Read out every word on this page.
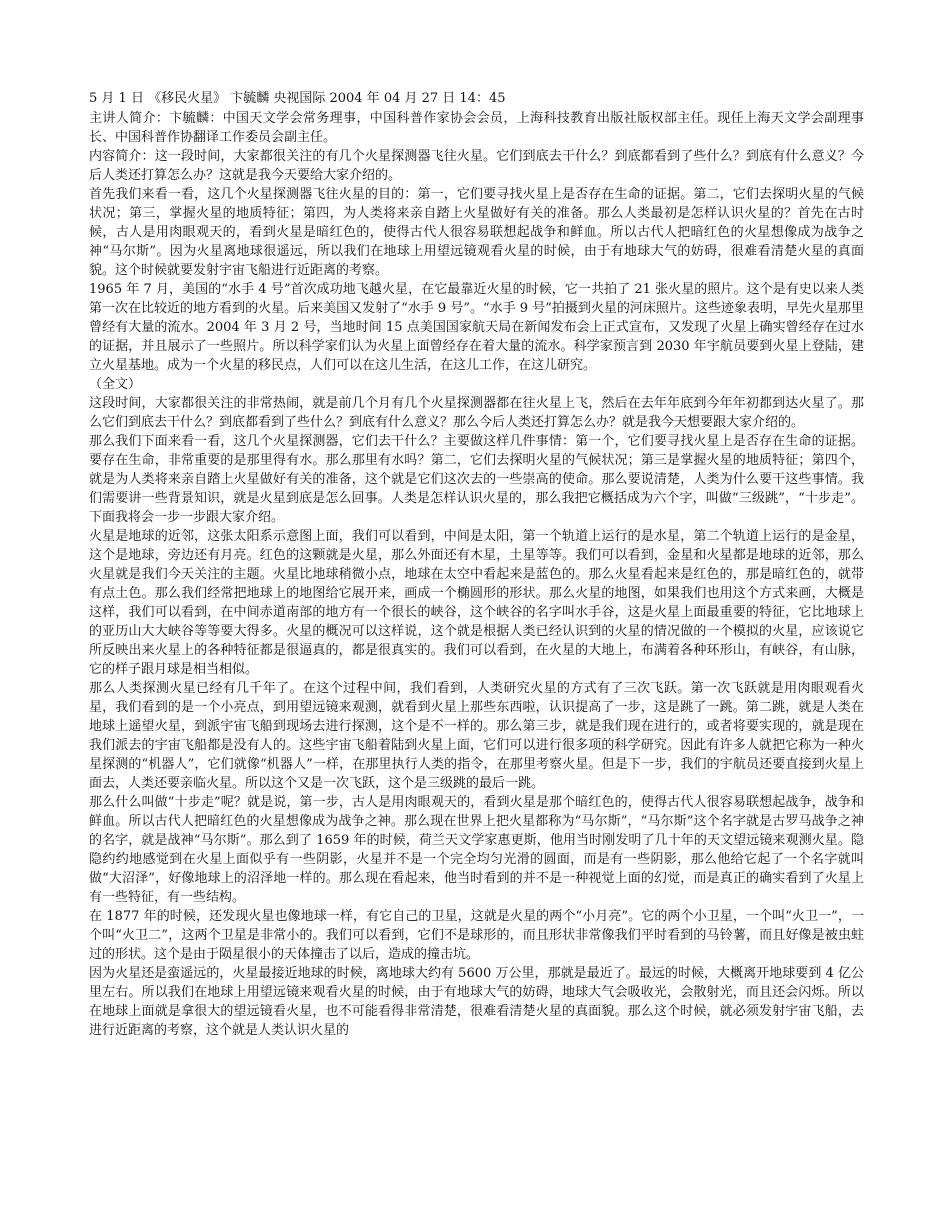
5 月 1 日 《移民火星》 卞毓麟 央视国际 2004 年 04 月 27 日 14：45

主讲人简介：卞毓麟：中国天文学会常务理事，中国科普作家协会会员，上海科技教育出版社版权部主任。现任上海天文学会副理事长、中国科普作协翻译工作委员会副主任。

内容简介：这一段时间，大家都很关注的有几个火星探测器飞往火星。它们到底去干什么？到底都看到了些什么？到底有什么意义？今后人类还打算怎么办？这就是我今天要给大家介绍的。

首先我们来看一看，这几个火星探测器飞往火星的目的：第一，它们要寻找火星上是否存在生命的证据。第二，它们去探明火星的气候状况；第三，掌握火星的地质特征；第四，为人类将来亲自踏上火星做好有关的准备。那么人类最初是怎样认识火星的？首先在古时候，古人是用肉眼观天的，看到火星是暗红色的，使得古代人很容易联想起战争和鲜血。所以古代人把暗红色的火星想像成为战争之神“马尔斯”。因为火星离地球很遥远，所以我们在地球上用望远镜观看火星的时候，由于有地球大气的妨碍，很难看清楚火星的真面貌。这个时候就要发射宇宙飞船进行近距离的考察。

1965 年 7 月，美国的“水手 4 号”首次成功地飞越火星，在它最靠近火星的时候，它一共拍了 21 张火星的照片。这个是有史以来人类第一次在比较近的地方看到的火星。后来美国又发射了“水手 9 号”。“水手 9 号”拍摄到火星的河床照片。这些迹象表明，早先火星那里曾经有大量的流水。2004 年 3 月 2 号，当地时间 15 点美国国家航天局在新闻发布会上正式宣布，又发现了火星上确实曾经存在过水的证据，并且展示了一些照片。所以科学家们认为火星上面曾经存在着大量的流水。科学家预言到 2030 年宇航员要到火星上登陆，建立火星基地。成为一个火星的移民点，人们可以在这儿生活，在这儿工作，在这儿研究。

（全文）

这段时间，大家都很关注的非常热闹，就是前几个月有几个火星探测器都在往火星上飞，然后在去年年底到今年年初都到达火星了。那么它们到底去干什么？到底都看到了些什么？到底有什么意义？那么今后人类还打算怎么办？就是我今天想要跟大家介绍的。

那么我们下面来看一看，这几个火星探测器，它们去干什么？主要做这样几件事情：第一个，它们要寻找火星上是否存在生命的证据。要存在生命，非常重要的是那里得有水。那么那里有水吗？第二，它们去探明火星的气候状况；第三是掌握火星的地质特征；第四个，就是为人类将来亲自踏上火星做好有关的准备，这个就是它们这次去的一些崇高的使命。那么要说清楚，人类为什么要干这些事情。我们需要讲一些背景知识，就是火星到底是怎么回事。人类是怎样认识火星的，那么我把它概括成为六个字，叫做“三级跳”，“十步走”。下面我将会一步一步跟大家介绍。

火星是地球的近邻，这张太阳系示意图上面，我们可以看到，中间是太阳，第一个轨道上运行的是水星，第二个轨道上运行的是金星，这个是地球，旁边还有月亮。红色的这颗就是火星，那么外面还有木星，土星等等。我们可以看到，金星和火星都是地球的近邻，那么火星就是我们今天关注的主题。火星比地球稍微小点，地球在太空中看起来是蓝色的。那么火星看起来是红色的，那是暗红色的，就带有点土色。那么我们经常把地球上的地图给它展开来，画成一个椭圆形的形状。那么火星的地图，如果我们也用这个方式来画，大概是这样，我们可以看到，在中间赤道南部的地方有一个很长的峡谷，这个峡谷的名字叫水手谷，这是火星上面最重要的特征，它比地球上的亚历山大大峡谷等等要大得多。火星的概况可以这样说，这个就是根据人类已经认识到的火星的情况做的一个模拟的火星，应该说它所反映出来火星上的各种特征都是很逼真的，都是很真实的。我们可以看到，在火星的大地上，布满着各种环形山，有峡谷，有山脉，它的样子跟月球是相当相似。

那么人类探测火星已经有几千年了。在这个过程中间，我们看到，人类研究火星的方式有了三次飞跃。第一次飞跃就是用肉眼观看火星，我们看到的是一个小亮点，到用望远镜来观测，就看到火星上那些东西啦，认识提高了一步，这是跳了一跳。第二跳，就是人类在地球上遥望火星，到派宇宙飞船到现场去进行探测，这个是不一样的。那么第三步，就是我们现在进行的，或者将要实现的，就是现在我们派去的宇宙飞船都是没有人的。这些宇宙飞船着陆到火星上面，它们可以进行很多项的科学研究。因此有许多人就把它称为一种火星探测的“机器人”，它们就像“机器人”一样，在那里执行人类的指令，在那里考察火星。但是下一步，我们的宇航员还要直接到火星上面去，人类还要亲临火星。所以这个又是一次飞跃，这个是三级跳的最后一跳。

那么什么叫做“十步走”呢？就是说，第一步，古人是用肉眼观天的，看到火星是那个暗红色的，使得古代人很容易联想起战争，战争和鲜血。所以古代人把暗红色的火星想像成为战争之神。那么现在世界上把火星都称为“马尔斯”，“马尔斯”这个名字就是古罗马战争之神的名字，就是战神“马尔斯”。那么到了 1659 年的时候，荷兰天文学家惠更斯，他用当时刚发明了几十年的天文望远镜来观测火星。隐隐约约地感觉到在火星上面似乎有一些阴影，火星并不是一个完全均匀光滑的圆面，而是有一些阴影，那么他给它起了一个名字就叫做“大沼泽”，好像地球上的沼泽地一样的。那么现在看起来，他当时看到的并不是一种视觉上面的幻觉，而是真正的确实看到了火星上有一些特征，有一些结构。

在 1877 年的时候，还发现火星也像地球一样，有它自己的卫星，这就是火星的两个“小月亮”。它的两个小卫星，一个叫“火卫一”，一个叫“火卫二”，这两个卫星是非常小的。我们可以看到，它们不是球形的，而且形状非常像我们平时看到的马铃薯，而且好像是被虫蛀过的形状。这个是由于陨星很小的天体撞击了以后，造成的撞击坑。

因为火星还是蛮遥远的，火星最接近地球的时候，离地球大约有 5600 万公里，那就是最近了。最远的时候，大概离开地球要到 4 亿公里左右。所以我们在地球上用望远镜来观看火星的时候，由于有地球大气的妨碍，地球大气会吸收光，会散射光，而且还会闪烁。所以在地球上面就是拿很大的望远镜看火星，也不可能看得非常清楚，很难看清楚火星的真面貌。那么这个时候，就必须发射宇宙飞船，去进行近距离的考察，这个就是人类认识火星的
